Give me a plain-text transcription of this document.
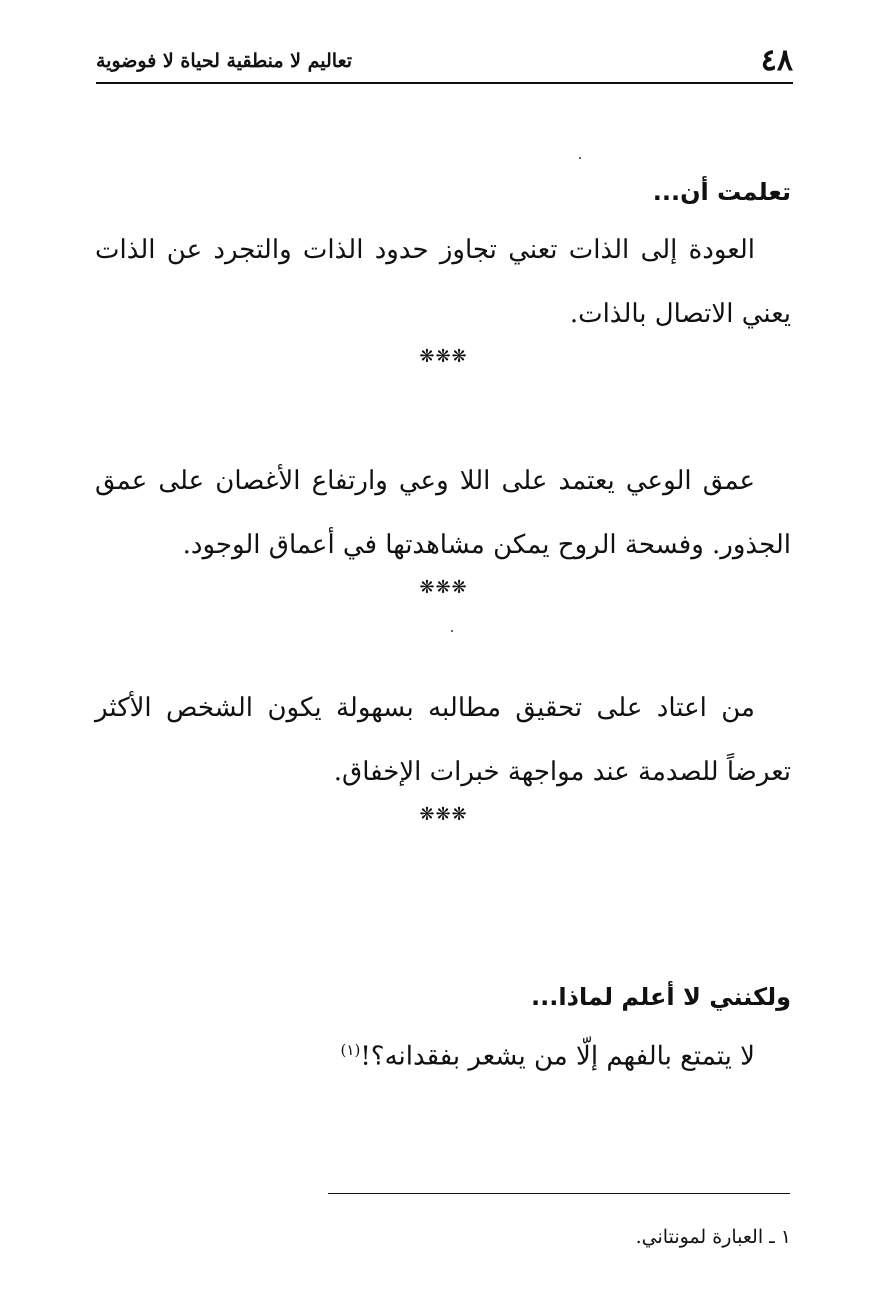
٤٨
تعاليم لا منطقية لحياة لا فوضوية
تعلمت أن...
العودة إلى الذات تعني تجاوز حدود الذات والتجرد عن الذات يعني الاتصال بالذات.
❋❋❋
عمق الوعي يعتمد على اللا وعي وارتفاع الأغصان على عمق الجذور. وفسحة الروح يمكن مشاهدتها في أعماق الوجود.
❋❋❋
من اعتاد على تحقيق مطالبه بسهولة يكون الشخص الأكثر تعرضاً للصدمة عند مواجهة خبرات الإخفاق.
❋❋❋
ولكنني لا أعلم لماذا...
لا يتمتع بالفهم إلّا من يشعر بفقدانه؟!$^{(١)}$
١ ـ العبارة لمونتاني.
